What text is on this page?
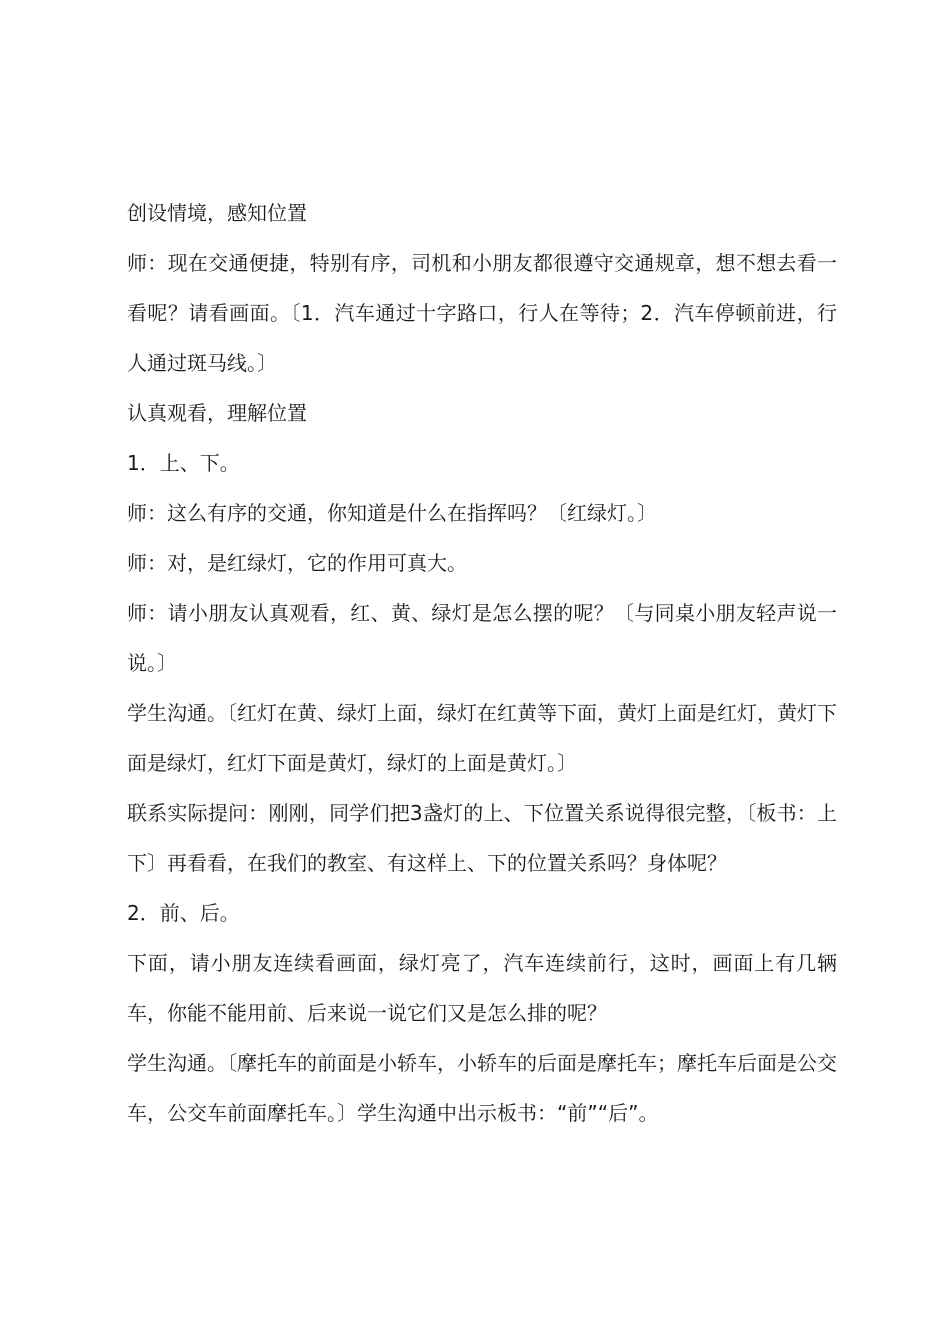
创设情境，感知位置

师：现在交通便捷，特别有序，司机和小朋友都很遵守交通规章，想不想去看一看呢？请看画面。〔1．汽车通过十字路口，行人在等待；2．汽车停顿前进，行人通过斑马线。〕

认真观看，理解位置

1．上、下。

师：这么有序的交通，你知道是什么在指挥吗？〔红绿灯。〕

师：对，是红绿灯，它的作用可真大。

师：请小朋友认真观看，红、黄、绿灯是怎么摆的呢？〔与同桌小朋友轻声说一说。〕

学生沟通。〔红灯在黄、绿灯上面，绿灯在红黄等下面，黄灯上面是红灯，黄灯下面是绿灯，红灯下面是黄灯，绿灯的上面是黄灯。〕

联系实际提问：刚刚，同学们把3盏灯的上、下位置关系说得很完整，〔板书：上下〕再看看，在我们的教室、有这样上、下的位置关系吗？身体呢？

2．前、后。

下面，请小朋友连续看画面，绿灯亮了，汽车连续前行，这时，画面上有几辆车，你能不能用前、后来说一说它们又是怎么排的呢？

学生沟通。〔摩托车的前面是小轿车，小轿车的后面是摩托车；摩托车后面是公交车，公交车前面摩托车。〕学生沟通中出示板书：“前”“后”。
